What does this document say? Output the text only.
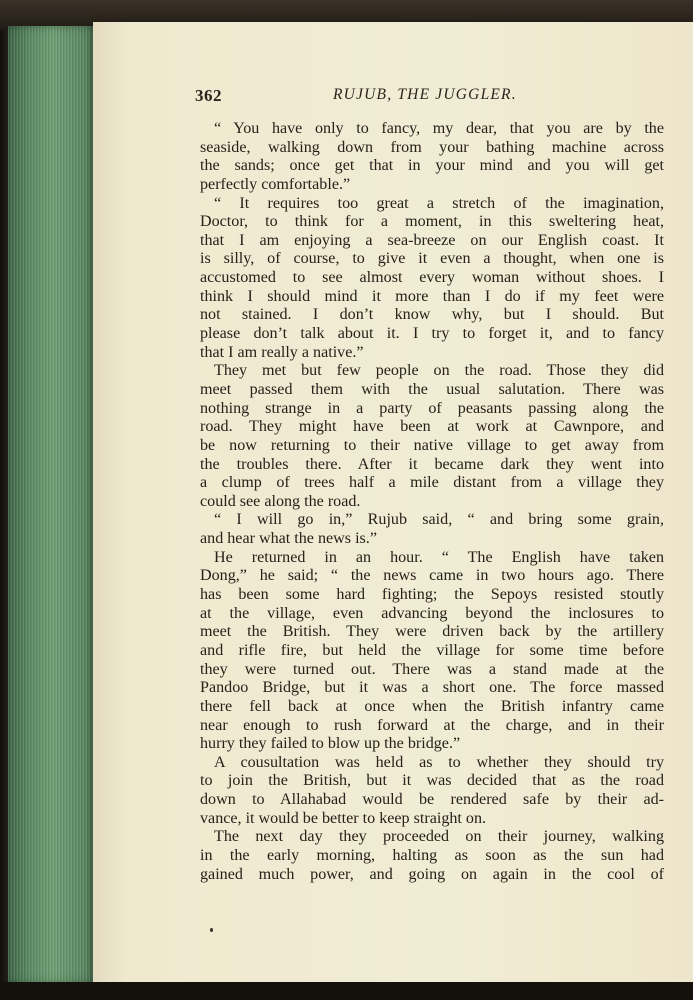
362	RUJUB, THE JUGGLER.
“ You have only to fancy, my dear, that you are by the
seaside, walking down from your bathing machine across
the sands; once get that in your mind and you will get
perfectly comfortable.”
“ It requires too great a stretch of the imagination,
Doctor, to think for a moment, in this sweltering heat,
that I am enjoying a sea-breeze on our English coast. It
is silly, of course, to give it even a thought, when one is
accustomed to see almost every woman without shoes. I
think I should mind it more than I do if my feet were
not stained. I don’t know why, but I should. But
please don’t talk about it. I try to forget it, and to fancy
that I am really a native.”
They met but few people on the road. Those they did
meet passed them with the usual salutation. There was
nothing strange in a party of peasants passing along the
road. They might have been at work at Cawnpore, and
be now returning to their native village to get away from
the troubles there. After it became dark they went into
a clump of trees half a mile distant from a village they
could see along the road.
“ I will go in,” Rujub said, “ and bring some grain,
and hear what the news is.”
He returned in an hour. “ The English have taken
Dong,” he said; “ the news came in two hours ago. There
has been some hard fighting; the Sepoys resisted stoutly
at the village, even advancing beyond the inclosures to
meet the British. They were driven back by the artillery
and rifle fire, but held the village for some time before
they were turned out. There was a stand made at the
Pandoo Bridge, but it was a short one. The force massed
there fell back at once when the British infantry came
near enough to rush forward at the charge, and in their
hurry they failed to blow up the bridge.”
A cousultation was held as to whether they should try
to join the British, but it was decided that as the road
down to Allahabad would be rendered safe by their ad-
vance, it would be better to keep straight on.
The next day they proceeded on their journey, walking
in the early morning, halting as soon as the sun had
gained much power, and going on again in the cool of
